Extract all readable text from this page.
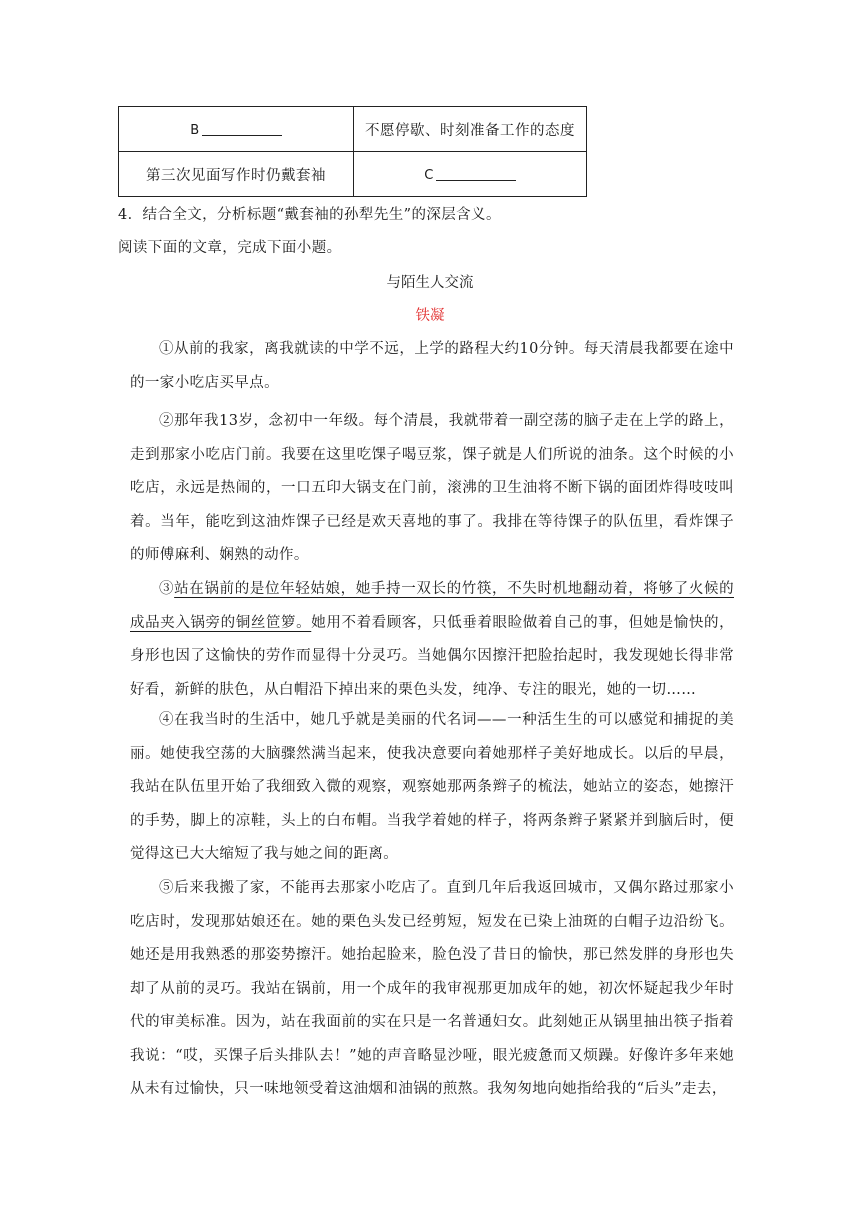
B	不愿停歇、时刻准备工作的态度
第三次见面写作时仍戴套袖	C
4．结合全文，分析标题“戴套袖的孙犁先生”的深层含义。
阅读下面的文章，完成下面小题。
与陌生人交流
铁凝

①从前的我家，离我就读的中学不远，上学的路程大约10分钟。每天清晨我都要在途中的一家小吃店买早点。

②那年我13岁，念初中一年级。每个清晨，我就带着一副空荡的脑子走在上学的路上，走到那家小吃店门前。我要在这里吃馃子喝豆浆，馃子就是人们所说的油条。这个时候的小吃店，永远是热闹的，一口五印大锅支在门前，滚沸的卫生油将不断下锅的面团炸得吱吱叫着。当年，能吃到这油炸馃子已经是欢天喜地的事了。我排在等待馃子的队伍里，看炸馃子的师傅麻利、娴熟的动作。

③站在锅前的是位年轻姑娘，她手持一双长的竹筷，不失时机地翻动着，将够了火候的成品夹入锅旁的铜丝笸箩。她用不着看顾客，只低垂着眼睑做着自己的事，但她是愉快的，身形也因了这愉快的劳作而显得十分灵巧。当她偶尔因擦汗把脸抬起时，我发现她长得非常好看，新鲜的肤色，从白帽沿下掉出来的栗色头发，纯净、专注的眼光，她的一切……

④在我当时的生活中，她几乎就是美丽的代名词——一种活生生的可以感觉和捕捉的美丽。她使我空荡的大脑骤然满当起来，使我决意要向着她那样子美好地成长。以后的早晨，我站在队伍里开始了我细致入微的观察，观察她那两条辫子的梳法，她站立的姿态，她擦汗的手势，脚上的凉鞋，头上的白布帽。当我学着她的样子，将两条辫子紧紧并到脑后时，便觉得这已大大缩短了我与她之间的距离。

⑤后来我搬了家，不能再去那家小吃店了。直到几年后我返回城市，又偶尔路过那家小吃店时，发现那姑娘还在。她的栗色头发已经剪短，短发在已染上油斑的白帽子边沿纷飞。她还是用我熟悉的那姿势擦汗。她抬起脸来，脸色没了昔日的愉快，那已然发胖的身形也失却了从前的灵巧。我站在锅前，用一个成年的我审视那更加成年的她，初次怀疑起我少年时代的审美标准。因为，站在我面前的实在只是一名普通妇女。此刻她正从锅里抽出筷子指着我说：“哎，买馃子后头排队去！”她的声音略显沙哑，眼光疲惫而又烦躁。好像许多年来她从未有过愉快，只一味地领受着这油烟和油锅的煎熬。我匆匆地向她指给我的“后头”走去，
